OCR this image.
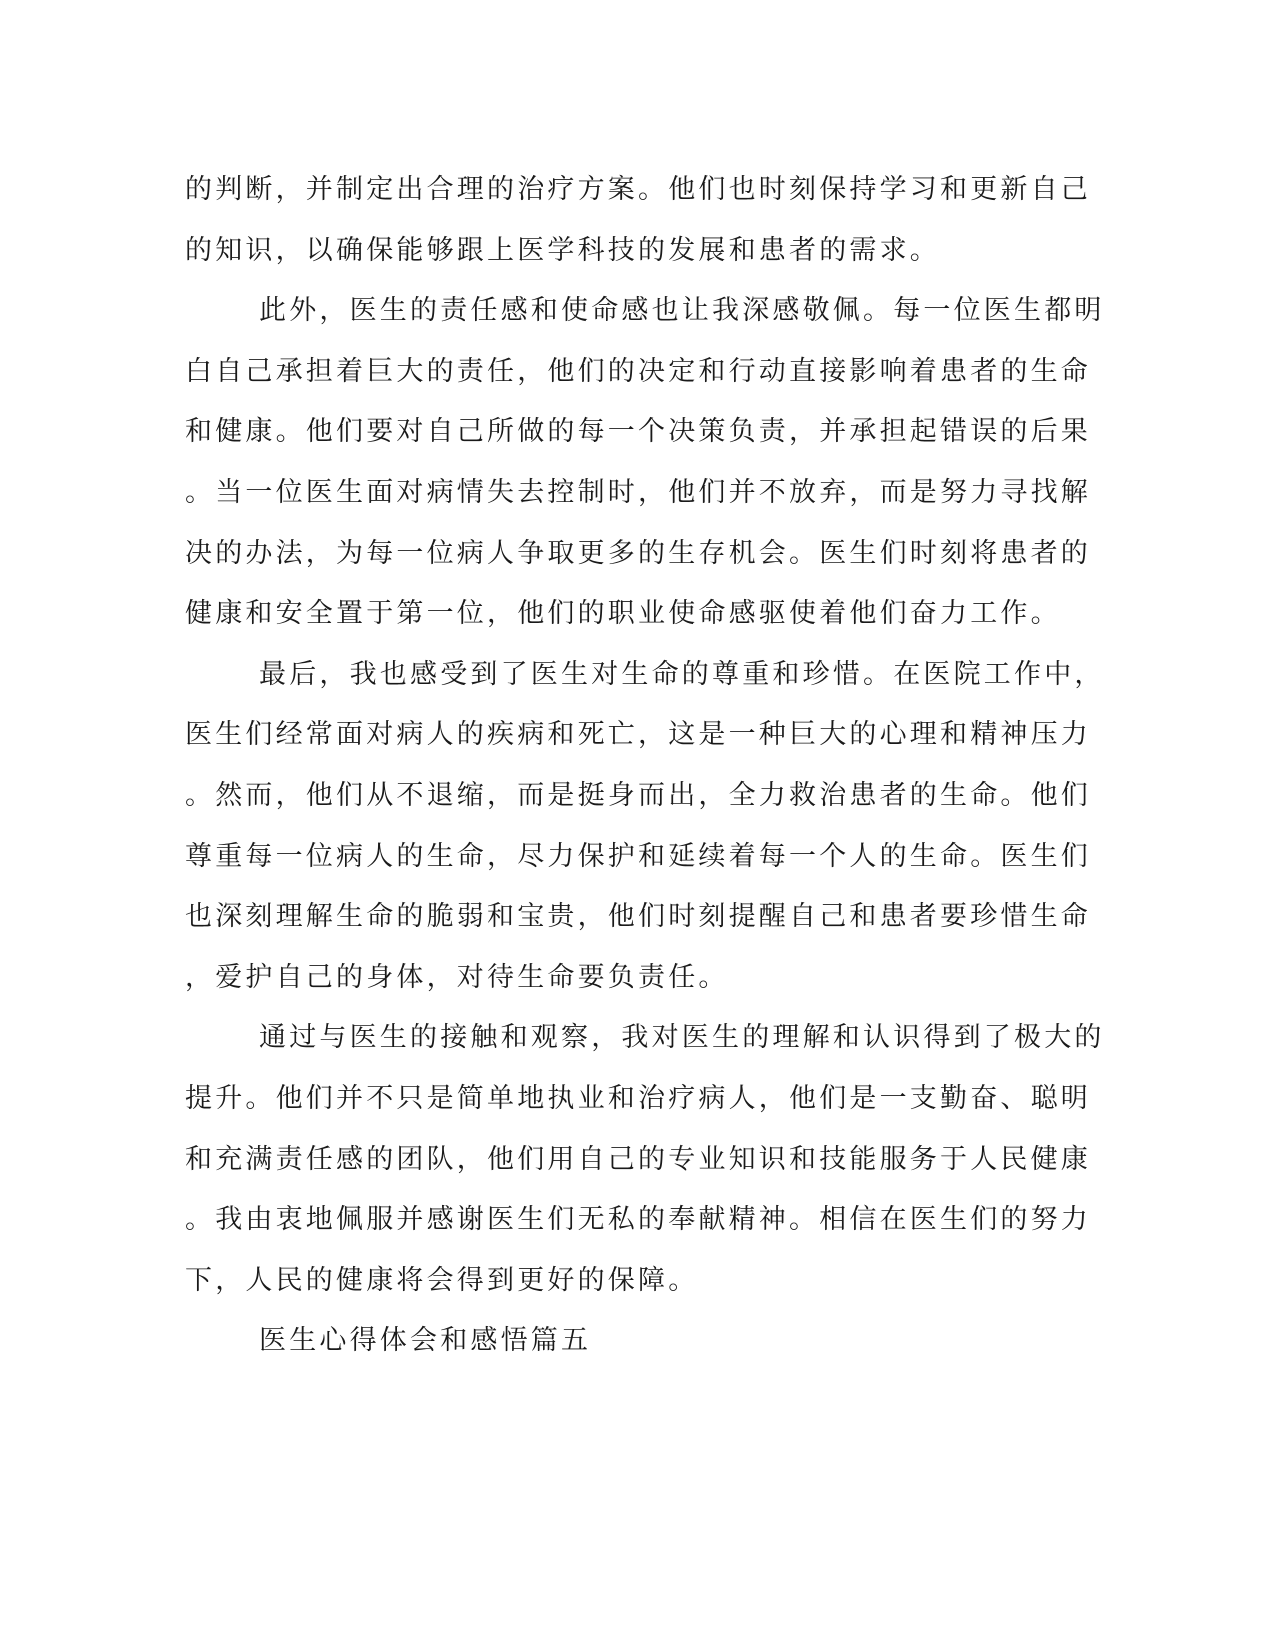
的判断，并制定出合理的治疗方案。他们也时刻保持学习和更新自己
的知识，以确保能够跟上医学科技的发展和患者的需求。
此外，医生的责任感和使命感也让我深感敬佩。每一位医生都明
白自己承担着巨大的责任，他们的决定和行动直接影响着患者的生命
和健康。他们要对自己所做的每一个决策负责，并承担起错误的后果
。当一位医生面对病情失去控制时，他们并不放弃，而是努力寻找解
决的办法，为每一位病人争取更多的生存机会。医生们时刻将患者的
健康和安全置于第一位，他们的职业使命感驱使着他们奋力工作。
最后，我也感受到了医生对生命的尊重和珍惜。在医院工作中，
医生们经常面对病人的疾病和死亡，这是一种巨大的心理和精神压力
。然而，他们从不退缩，而是挺身而出，全力救治患者的生命。他们
尊重每一位病人的生命，尽力保护和延续着每一个人的生命。医生们
也深刻理解生命的脆弱和宝贵，他们时刻提醒自己和患者要珍惜生命
，爱护自己的身体，对待生命要负责任。
通过与医生的接触和观察，我对医生的理解和认识得到了极大的
提升。他们并不只是简单地执业和治疗病人，他们是一支勤奋、聪明
和充满责任感的团队，他们用自己的专业知识和技能服务于人民健康
。我由衷地佩服并感谢医生们无私的奉献精神。相信在医生们的努力
下，人民的健康将会得到更好的保障。
医生心得体会和感悟篇五
